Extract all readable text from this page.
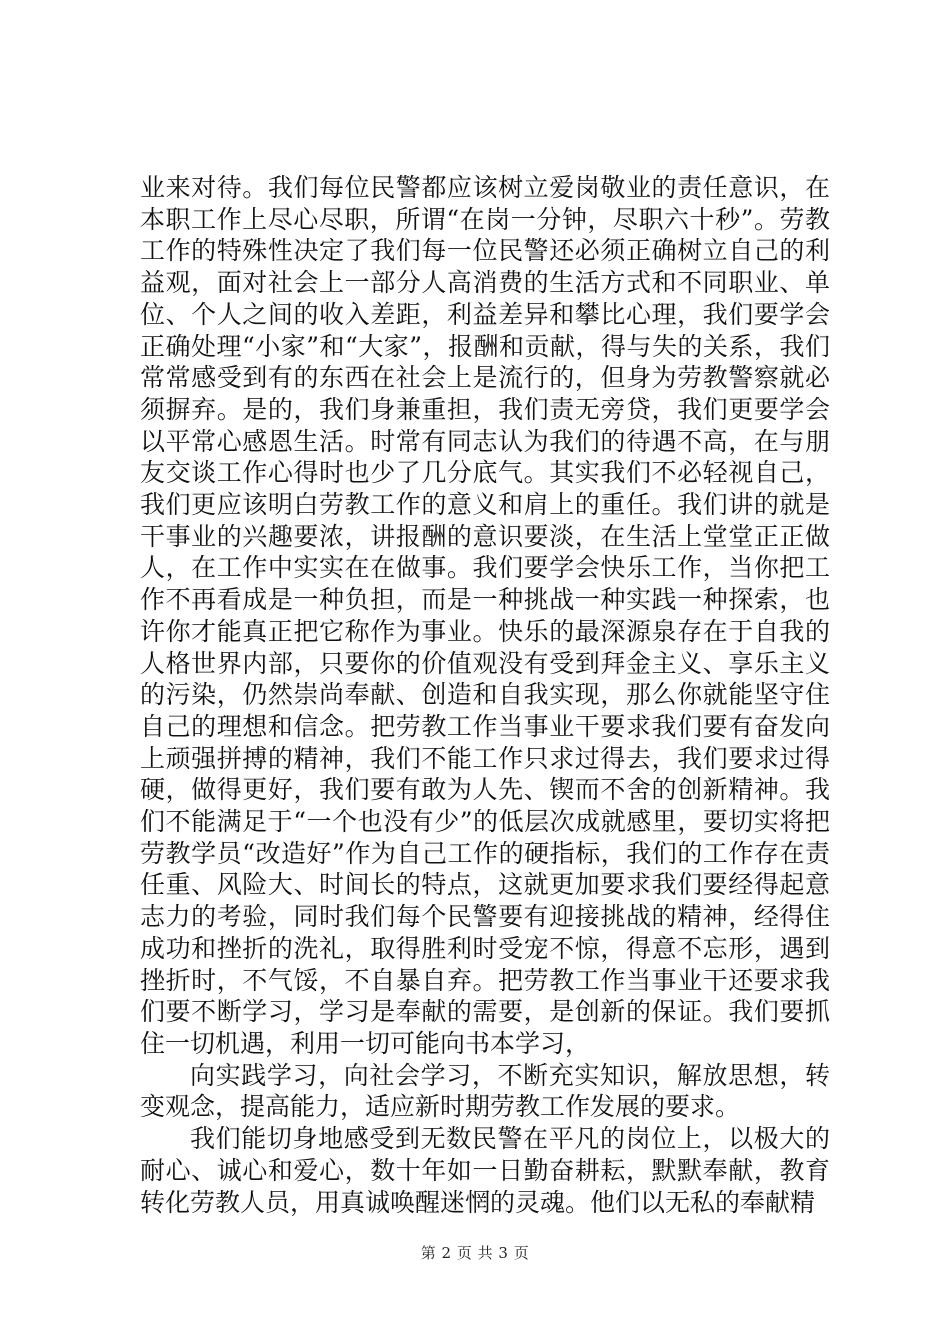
业来对待。我们每位民警都应该树立爱岗敬业的责任意识，在本职工作上尽心尽职，所谓“在岗一分钟，尽职六十秒”。劳教工作的特殊性决定了我们每一位民警还必须正确树立自己的利益观，面对社会上一部分人高消费的生活方式和不同职业、单位、个人之间的收入差距，利益差异和攀比心理，我们要学会正确处理“小家”和“大家”，报酬和贡献，得与失的关系，我们常常感受到有的东西在社会上是流行的，但身为劳教警察就必须摒弃。是的，我们身兼重担，我们责无旁贷，我们更要学会以平常心感恩生活。时常有同志认为我们的待遇不高，在与朋友交谈工作心得时也少了几分底气。其实我们不必轻视自己，我们更应该明白劳教工作的意义和肩上的重任。我们讲的就是干事业的兴趣要浓，讲报酬的意识要淡，在生活上堂堂正正做人，在工作中实实在在做事。我们要学会快乐工作，当你把工作不再看成是一种负担，而是一种挑战一种实践一种探索，也许你才能真正把它称作为事业。快乐的最深源泉存在于自我的人格世界内部，只要你的价值观没有受到拜金主义、享乐主义的污染，仍然崇尚奉献、创造和自我实现，那么你就能坚守住自己的理想和信念。把劳教工作当事业干要求我们要有奋发向上顽强拼搏的精神，我们不能工作只求过得去，我们要求过得硬，做得更好，我们要有敢为人先、锲而不舍的创新精神。我们不能满足于“一个也没有少”的低层次成就感里，要切实将把劳教学员“改造好”作为自己工作的硬指标，我们的工作存在责任重、风险大、时间长的特点，这就更加要求我们要经得起意志力的考验，同时我们每个民警要有迎接挑战的精神，经得住成功和挫折的洗礼，取得胜利时受宠不惊，得意不忘形，遇到挫折时，不气馁，不自暴自弃。把劳教工作当事业干还要求我们要不断学习，学习是奉献的需要，是创新的保证。我们要抓住一切机遇，利用一切可能向书本学习，

向实践学习，向社会学习，不断充实知识，解放思想，转变观念，提高能力，适应新时期劳教工作发展的要求。

我们能切身地感受到无数民警在平凡的岗位上，以极大的耐心、诚心和爱心，数十年如一日勤奋耕耘，默默奉献，教育转化劳教人员，用真诚唤醒迷惘的灵魂。他们以无私的奉献精

第 2 页 共 3 页
